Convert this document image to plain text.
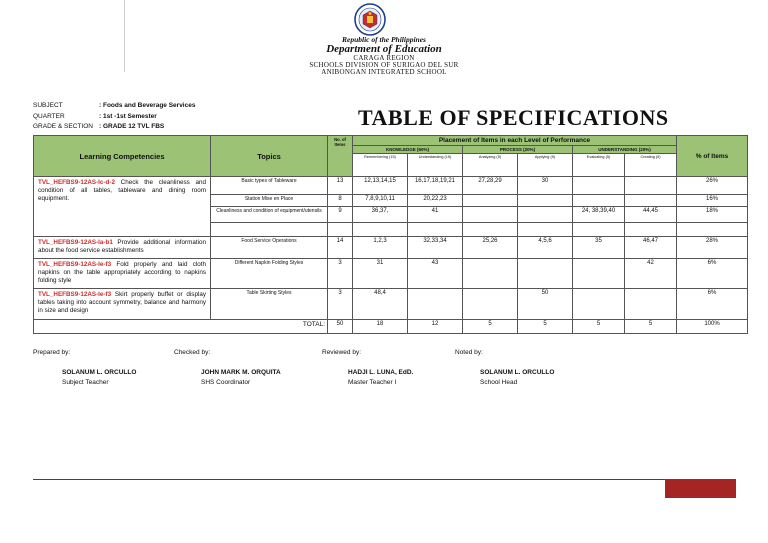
Republic of the Philippines
Department of Education
CARAGA REGION
SCHOOLS DIVISION OF SURIGAO DEL SUR
ANIBONGAN INTEGRATED SCHOOL
SUBJECT	: Foods and Beverage Services
QUARTER	: 1st -1st Semester
GRADE & SECTION : GRADE 12 TVL FBS	TABLE OF SPECIFICATIONS
Learning Competencies	Topics	No. of Items	Placement of Items in each Level of Performance						% of Items
			KNOWLEDGE (60%)		PROCESS (20%)		UNDERSTANDING (20%)		
			Remembering (15)	Understanding (15)	Analyzing (5)	Applying (5)	Evaluating (5)	Creating (5)	
TVL_HEFBS9-12AS-Ic-d-2 Check the cleanliness and condition of all tables, tableware and dining room equipment.	Basic types of Tableware	13	12,13,14,15	16,17,18,19,21	27,28,29	30			26%
	Station Mise en Place	8	7,8,9,10,11	20,22,23					16%
	Cleanliness and condition of equipment/utensils	9	36,37,	41			24, 38,39,40	44,45	18%

TVL_HEFBS9-12AS-Ia-b1 Provide additional information about the food service establishments	Food Service Operations	14	1,2,3	32,33,34	25,26	4,5,6	35	46,47	28%
TVL_HEFBS9-12AS-Ie-f3 Fold properly and laid cloth napkins on the table appropriately according to napkins folding style	Different Napkin Folding Styles	3	31	43				42	6%
TVL_HEFBS9-12AS-Ie-f3 Skirt properly buffet or display tables taking into account symmetry, balance and harmony in size and design	Table Skirting Styles	3	48,4			50			6%
TOTAL:		50	18	12	5	5	5	5	100%
Prepared by:	Checked by:	Reviewed by:	Noted by:
SOLANUM L. ORCULLO
Subject Teacher
JOHN MARK M. ORQUITA
SHS Coordinator
HADJI L. LUNA, EdD.
Master Teacher I
SOLANUM L. ORCULLO
School Head
